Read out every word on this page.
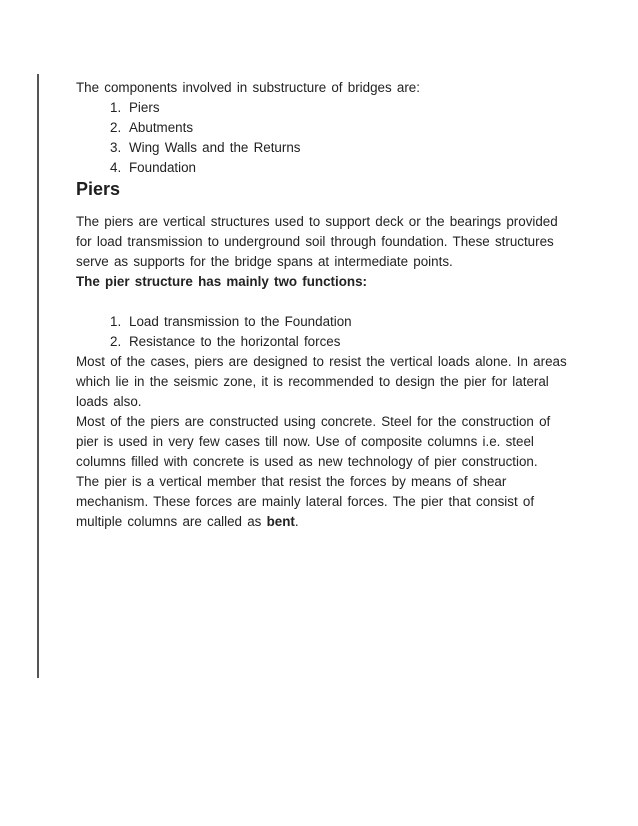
The components involved in substructure of bridges are:

1. Piers
2. Abutments
3. Wing Walls and the Returns
4. Foundation
Piers

The piers are vertical structures used to support deck or the bearings provided for load transmission to underground soil through foundation. These structures serve as supports for the bridge spans at intermediate points.

The pier structure has mainly two functions:

1. Load transmission to the Foundation
2. Resistance to the horizontal forces

Most of the cases, piers are designed to resist the vertical loads alone. In areas which lie in the seismic zone, it is recommended to design the pier for lateral loads also.

Most of the piers are constructed using concrete. Steel for the construction of pier is used in very few cases till now. Use of composite columns i.e. steel columns filled with concrete is used as new technology of pier construction.

The pier is a vertical member that resist the forces by means of shear mechanism. These forces are mainly lateral forces. The pier that consist of multiple columns are called as bent.
